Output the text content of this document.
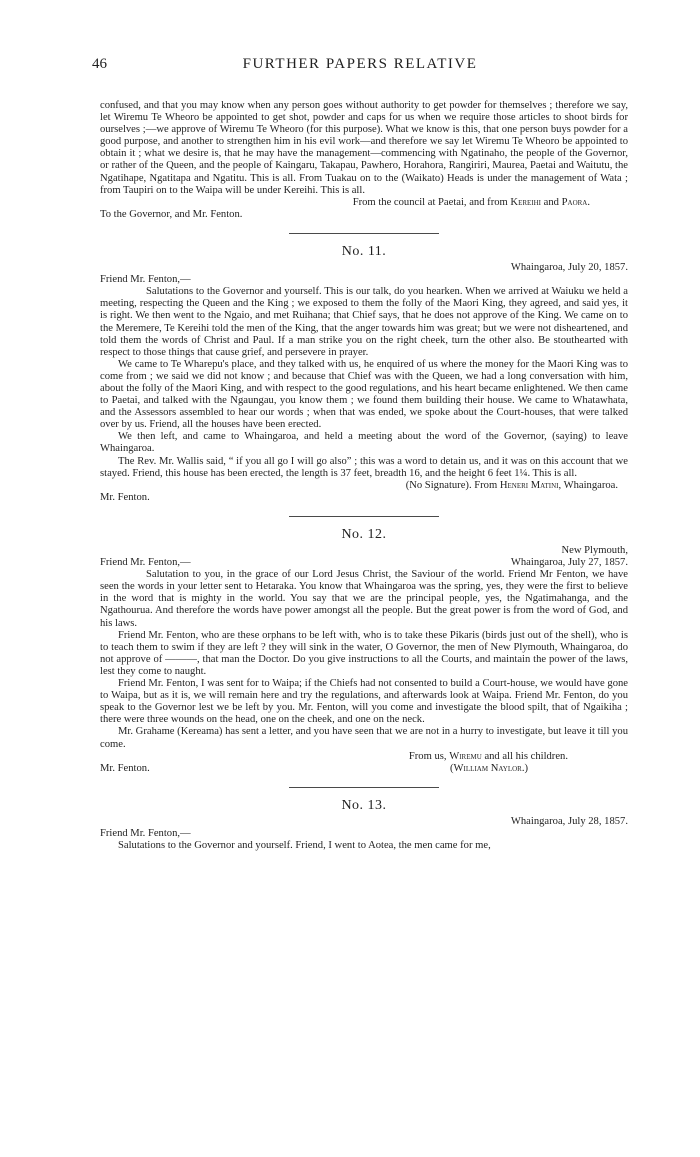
46	FURTHER PAPERS RELATIVE

confused, and that you may know when any person goes without authority to get powder for themselves ; therefore we say, let Wiremu Te Wheoro be appointed to get shot, powder and caps for us when we require those articles to shoot birds for ourselves ;—we approve of Wiremu Te Wheoro (for this purpose). What we know is this, that one person buys powder for a good purpose, and another to strengthen him in his evil work—and therefore we say let Wiremu Te Wheoro be appointed to obtain it ; what we desire is, that he may have the management—commencing with Ngatinaho, the people of the Governor, or rather of the Queen, and the people of Kaingaru, Takapau, Pawhero, Horahora, Rangiriri, Maurea, Paetai and Waitutu, the Ngatihape, Ngatitapa and Ngatitu. This is all. From Tuakau on to the (Waikato) Heads is under the management of Wata ; from Taupiri on to the Waipa will be under Kereihi. This is all.

From the council at Paetai, and from Kereihi and Paora.

To the Governor, and Mr. Fenton.

No. 11.

Whaingaroa, July 20, 1857.

Friend Mr. Fenton,—

Salutations to the Governor and yourself. This is our talk, do you hearken. When we arrived at Waiuku we held a meeting, respecting the Queen and the King ; we exposed to them the folly of the Maori King, they agreed, and said yes, it is right. We then went to the Ngaio, and met Ruihana; that Chief says, that he does not approve of the King. We came on to the Meremere, Te Kereihi told the men of the King, that the anger towards him was great; but we were not disheartened, and told them the words of Christ and Paul. If a man strike you on the right cheek, turn the other also. Be stouthearted with respect to those things that cause grief, and persevere in prayer.

We came to Te Wharepu's place, and they talked with us, he enquired of us where the money for the Maori King was to come from ; we said we did not know ; and because that Chief was with the Queen, we had a long conversation with him, about the folly of the Maori King, and with respect to the good regulations, and his heart became enlightened. We then came to Paetai, and talked with the Ngaungau, you know them ; we found them building their house. We came to Whatawhata, and the Assessors assembled to hear our words ; when that was ended, we spoke about the Court-houses, that were talked over by us. Friend, all the houses have been erected.

We then left, and came to Whaingaroa, and held a meeting about the word of the Governor, (saying) to leave Whaingaroa.

The Rev. Mr. Wallis said, “ if you all go I will go also” ; this was a word to detain us, and it was on this account that we stayed. Friend, this house has been erected, the length is 37 feet, breadth 16, and the height 6 feet 1¼. This is all.

(No Signature). From Heneri Matini, Whaingaroa.

Mr. Fenton.

No. 12.

New Plymouth,

Friend Mr. Fenton,—	Whaingaroa, July 27, 1857.

Salutation to you, in the grace of our Lord Jesus Christ, the Saviour of the world. Friend Mr Fenton, we have seen the words in your letter sent to Hetaraka. You know that Whaingaroa was the spring, yes, they were the first to believe in the word that is mighty in the world. You say that we are the principal people, yes, the Ngatimahanga, and the Ngathourua. And therefore the words have power amongst all the people. But the great power is from the word of God, and his laws.

Friend Mr. Fenton, who are these orphans to be left with, who is to take these Pikaris (birds just out of the shell), who is to teach them to swim if they are left ? they will sink in the water, O Governor, the men of New Plymouth, Whaingaroa, do not approve of ———, that man the Doctor. Do you give instructions to all the Courts, and maintain the power of the laws, lest they come to naught.

Friend Mr. Fenton, I was sent for to Waipa; if the Chiefs had not consented to build a Court-house, we would have gone to Waipa, but as it is, we will remain here and try the regulations, and afterwards look at Waipa. Friend Mr. Fenton, do you speak to the Governor lest we be left by you. Mr. Fenton, will you come and investigate the blood spilt, that of Ngaikiha ; there were three wounds on the head, one on the cheek, and one on the neck.

Mr. Grahame (Kereama) has sent a letter, and you have seen that we are not in a hurry to investigate, but leave it till you come.

From us, Wiremu and all his children.

Mr. Fenton.	(William Naylor.)
No. 13.

Whaingaroa, July 28, 1857.

Friend Mr. Fenton,—

Salutations to the Governor and yourself. Friend, I went to Aotea, the men came for me,
